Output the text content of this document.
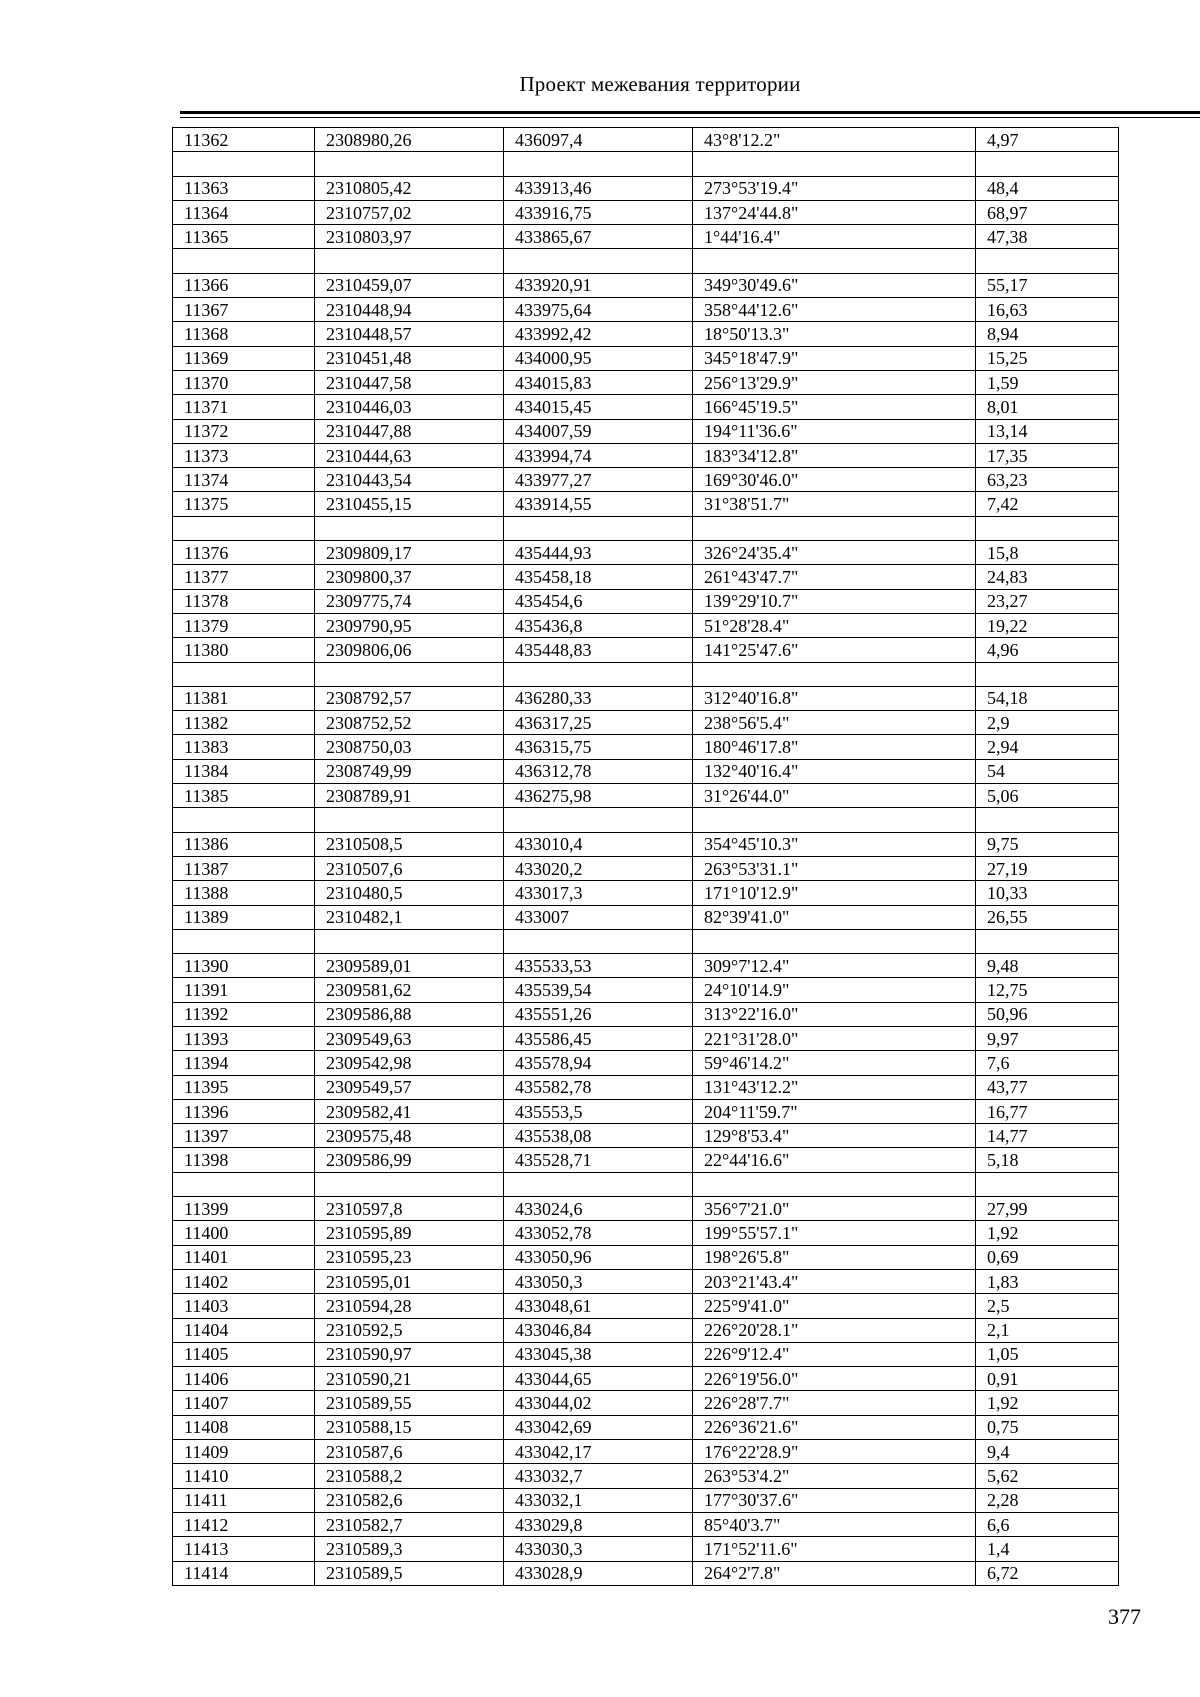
Проект межевания территории
11362	2308980,26	436097,4	43°8'12.2"	4,97

11363	2310805,42	433913,46	273°53'19.4"	48,4
11364	2310757,02	433916,75	137°24'44.8"	68,97
11365	2310803,97	433865,67	1°44'16.4"	47,38

11366	2310459,07	433920,91	349°30'49.6"	55,17
11367	2310448,94	433975,64	358°44'12.6"	16,63
11368	2310448,57	433992,42	18°50'13.3"	8,94
11369	2310451,48	434000,95	345°18'47.9"	15,25
11370	2310447,58	434015,83	256°13'29.9"	1,59
11371	2310446,03	434015,45	166°45'19.5"	8,01
11372	2310447,88	434007,59	194°11'36.6"	13,14
11373	2310444,63	433994,74	183°34'12.8"	17,35
11374	2310443,54	433977,27	169°30'46.0"	63,23
11375	2310455,15	433914,55	31°38'51.7"	7,42

11376	2309809,17	435444,93	326°24'35.4"	15,8
11377	2309800,37	435458,18	261°43'47.7"	24,83
11378	2309775,74	435454,6	139°29'10.7"	23,27
11379	2309790,95	435436,8	51°28'28.4"	19,22
11380	2309806,06	435448,83	141°25'47.6"	4,96

11381	2308792,57	436280,33	312°40'16.8"	54,18
11382	2308752,52	436317,25	238°56'5.4"	2,9
11383	2308750,03	436315,75	180°46'17.8"	2,94
11384	2308749,99	436312,78	132°40'16.4"	54
11385	2308789,91	436275,98	31°26'44.0"	5,06

11386	2310508,5	433010,4	354°45'10.3"	9,75
11387	2310507,6	433020,2	263°53'31.1"	27,19
11388	2310480,5	433017,3	171°10'12.9"	10,33
11389	2310482,1	433007	82°39'41.0"	26,55

11390	2309589,01	435533,53	309°7'12.4"	9,48
11391	2309581,62	435539,54	24°10'14.9"	12,75
11392	2309586,88	435551,26	313°22'16.0"	50,96
11393	2309549,63	435586,45	221°31'28.0"	9,97
11394	2309542,98	435578,94	59°46'14.2"	7,6
11395	2309549,57	435582,78	131°43'12.2"	43,77
11396	2309582,41	435553,5	204°11'59.7"	16,77
11397	2309575,48	435538,08	129°8'53.4"	14,77
11398	2309586,99	435528,71	22°44'16.6"	5,18

11399	2310597,8	433024,6	356°7'21.0"	27,99
11400	2310595,89	433052,78	199°55'57.1"	1,92
11401	2310595,23	433050,96	198°26'5.8"	0,69
11402	2310595,01	433050,3	203°21'43.4"	1,83
11403	2310594,28	433048,61	225°9'41.0"	2,5
11404	2310592,5	433046,84	226°20'28.1"	2,1
11405	2310590,97	433045,38	226°9'12.4"	1,05
11406	2310590,21	433044,65	226°19'56.0"	0,91
11407	2310589,55	433044,02	226°28'7.7"	1,92
11408	2310588,15	433042,69	226°36'21.6"	0,75
11409	2310587,6	433042,17	176°22'28.9"	9,4
11410	2310588,2	433032,7	263°53'4.2"	5,62
11411	2310582,6	433032,1	177°30'37.6"	2,28
11412	2310582,7	433029,8	85°40'3.7"	6,6
11413	2310589,3	433030,3	171°52'11.6"	1,4
11414	2310589,5	433028,9	264°2'7.8"	6,72
377
